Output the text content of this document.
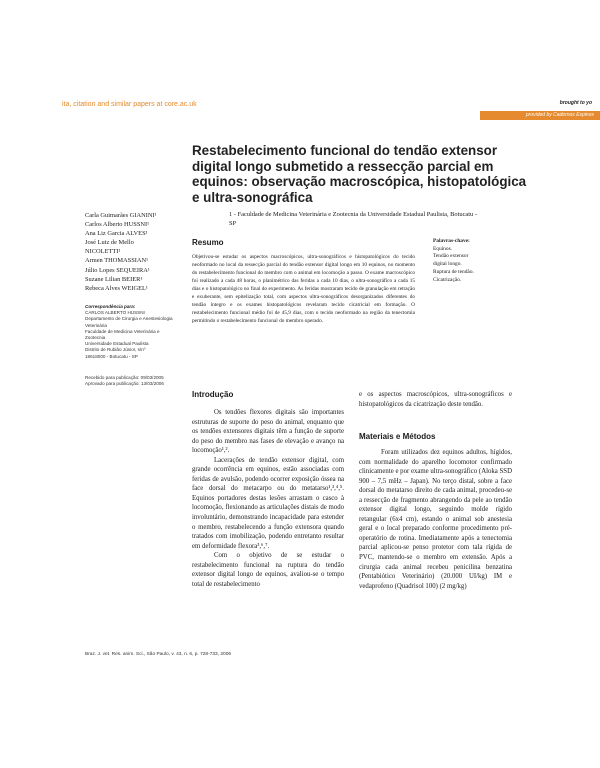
ita, citation and similar papers at core.ac.uk	brought to yo
provided by Cadernos Espinos
Restabelecimento funcional do tendão extensor digital longo submetido a ressecção parcial em equinos: observação macroscópica, histopatológica e ultra-sonográfica
Carla Guimarães GIANINI¹
Carlos Alberto HUSSNI¹
Ana Liz Garcia ALVES¹
José Luiz de Mello
NICOLETTI¹
Armen THOMASSIAN¹
Júlio Lopes SEQUEIRA¹
Suzane Lilian BEIER¹
Rebeca Alves WEIGEL¹
Correspondência para:
CARLOS ALBERTO HUSSNI
Departamento de Cirurgia e Anestesiologia
Veterinária
Faculdade de Medicina Veterinária e
Zootecnia
Universidade Estadual Paulista
Distrito de Rubião Júnior, s/nº
18618000 - Botucatu - SP
Recebido para publicação: 09/03/2005
Aprovado para publicação: 13/03/2006
1 - Faculdade de Medicina Veterinária e Zootecnia da Universidade Estadual Paulista, Botucatu - SP
Resumo
Objetivou-se estudar os aspectos macroscópicos, ultra-sonográficos e histopatológicos do tecido neoformado no local da ressecção parcial do tendão extensor digital longo em 10 equinos, no momento do restabelecimento funcional do membro com o animal em locomoção a passo. O exame macroscópico foi realizado a cada 48 horas, o planimétrico das feridas a cada 10 dias, o ultra-sonográfico a cada 15 dias e o histopatológico no final do experimento. As feridas mostraram tecido de granulação em retração e exuberante, sem epitelização total, com aspectos ultra-sonográficos desorganizados diferentes do tendão íntegro e os exames histopatológicos revelaram tecido cicatricial em formação. O restabelecimento funcional médio foi de 45,9 dias, com o tecido neoformado na região da tenectomia permitindo o restabelecimento funcional do membro operado.
Palavras-chave:
Equinos.
Tendão extensor
digital longo.
Ruptura de tendão.
Cicatrização.
Introdução

Os tendões flexores digitais são importantes estruturas de suporte do peso do animal, enquanto que os tendões extensores digitais têm a função de suporte do peso do membro nas fases de elevação e avanço na locomoção¹,².

Lacerações de tendão extensor digital, com grande ocorrência em equinos, estão associadas com feridas de avulsão, podendo ocorrer exposição óssea na face dorsal do metacarpo ou do metatarso¹,³,⁴,⁵. Equinos portadores destas lesões arrastam o casco à locomoção, flexionando as articulações distais de modo involuntário, demonstrando incapacidade para estender o membro, restabelecendo a função extensora quando tratados com imobilização, podendo entretanto resultar em deformidade flexora³,⁶,⁷.

Com o objetivo de se estudar o restabelecimento funcional na ruptura do tendão extensor digital longo de equinos, avaliou-se o tempo total de restabelecimento

e os aspectos macroscópicos, ultra-sonográficos e histopatológicos da cicatrização deste tendão.
Materiais e Métodos

Foram utilizados dez equinos adultos, hígidos, com normalidade do aparelho locomotor confirmado clinicamente e por exame ultra-sonográfico (Aloka SSD 900 – 7,5 mHz – Japan). No terço distal, sobre a face dorsal do metatarso direito de cada animal, procedeu-se a ressecção de fragmento abrangendo da pele ao tendão extensor digital longo, seguindo molde rígido retangular (6x4 cm), estando o animal sob anestesia geral e o local preparado conforme procedimento pré-operatório de rotina. Imediatamente após a tenectomia parcial aplicou-se penso protetor com tala rígida de PVC, mantendo-se o membro em extensão. Após a cirurgia cada animal recebeu penicilina benzatina (Pentabiótico Veterinário) (20.000 UI/kg) IM e vedaprofeno (Quadrisol 100) (2 mg/kg)

Braz. J. vet. Res. anim. Sci., São Paulo, v. 43, n. 6, p. 728-733, 2006
